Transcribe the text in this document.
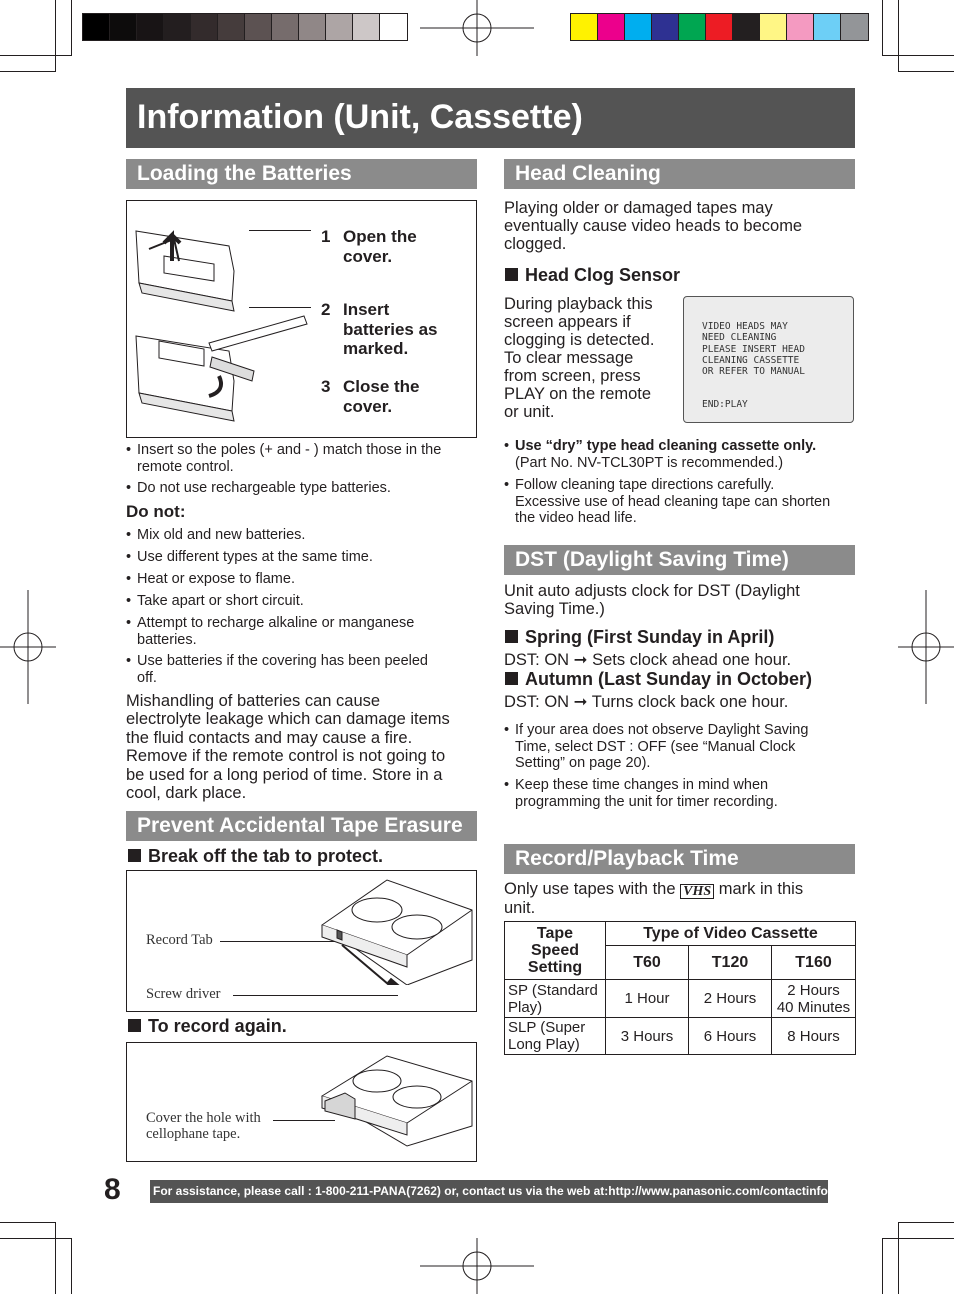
Information (Unit, Cassette)
Loading the Batteries
1 Open the
cover.
2 Insert
batteries as
marked.
3 Close the
cover.
• Insert so the poles (+ and - ) match those in the
remote control.
• Do not use rechargeable type batteries.
Do not:
• Mix old and new batteries.
• Use different types at the same time.
• Heat or expose to flame.
• Take apart or short circuit.
• Attempt to recharge alkaline or manganese
batteries.
• Use batteries if the covering has been peeled
off.
Mishandling of batteries can cause
electrolyte leakage which can damage items
the fluid contacts and may cause a fire.
Remove if the remote control is not going to
be used for a long period of time. Store in a
cool, dark place.
Prevent Accidental Tape Erasure
Break off the tab to protect.
Record Tab
Screw driver
To record again.
Cover the hole with
cellophane tape.
Head Cleaning
Playing older or damaged tapes may
eventually cause video heads to become
clogged.
Head Clog Sensor
During playback this
screen appears if
clogging is detected.
To clear message
from screen, press
PLAY on the remote
or unit.
VIDEO HEADS MAY
NEED CLEANING
PLEASE INSERT HEAD
CLEANING CASSETTE
OR REFER TO MANUAL
END:PLAY
• Use “dry” type head cleaning cassette only.
(Part No. NV-TCL30PT is recommended.)
• Follow cleaning tape directions carefully.
Excessive use of head cleaning tape can shorten
the video head life.
DST (Daylight Saving Time)
Unit auto adjusts clock for DST (Daylight
Saving Time.)
Spring (First Sunday in April)
DST: ON ➞ Sets clock ahead one hour.
Autumn (Last Sunday in October)
DST: ON ➞ Turns clock back one hour.
• If your area does not observe Daylight Saving
Time, select DST : OFF (see “Manual Clock
Setting” on page 20).
• Keep these time changes in mind when
programming the unit for timer recording.
Record/Playback Time
Only use tapes with the VHS mark in this
unit.
Tape
Speed
Setting	Type of Video Cassette		
	T60	T120	T160
SP (Standard
Play)	1 Hour	2 Hours	2 Hours
40 Minutes
SLP (Super
Long Play)	3 Hours	6 Hours	8 Hours
8	For assistance, please call : 1-800-211-PANA(7262) or, contact us via the web at:http://www.panasonic.com/contactinfo
